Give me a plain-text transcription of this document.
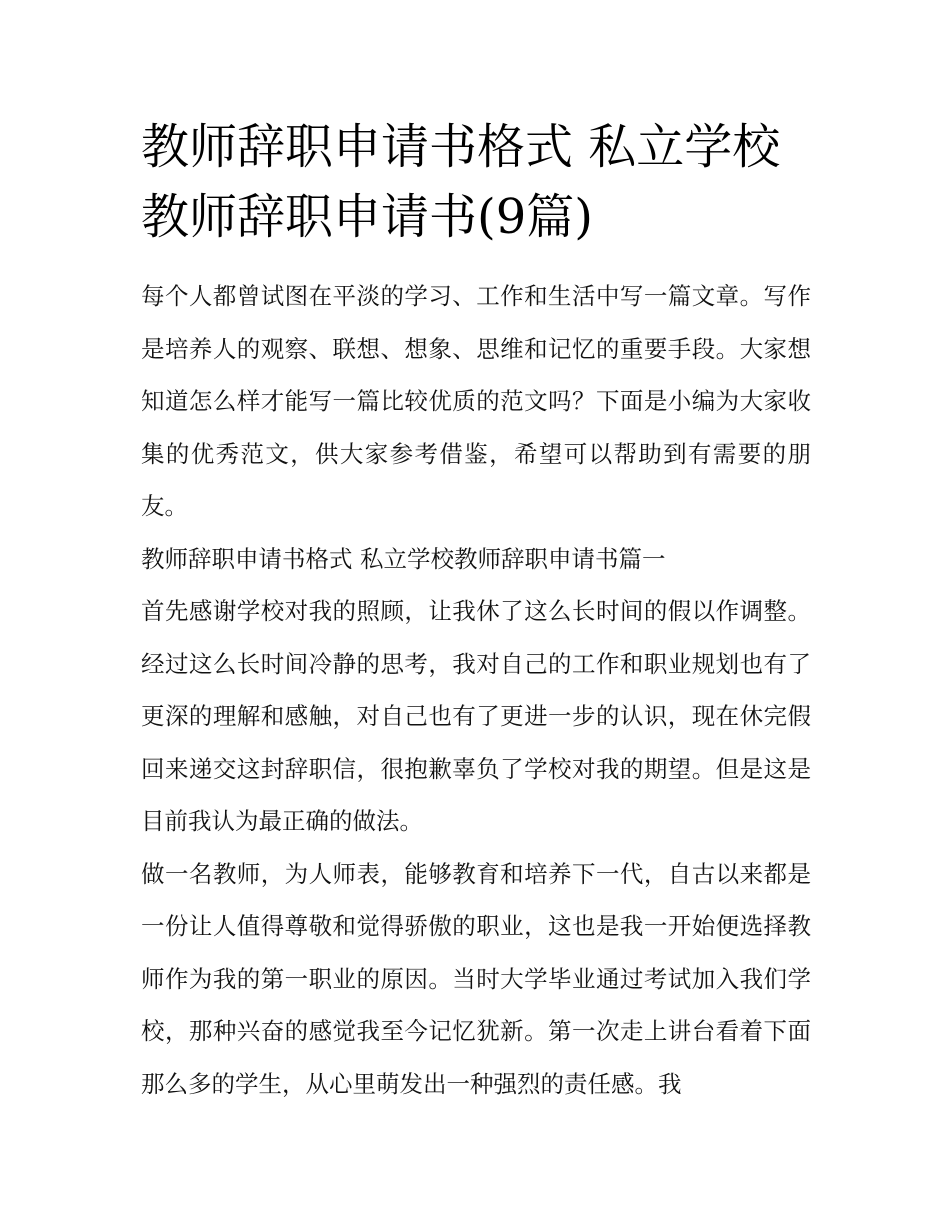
教师辞职申请书格式 私立学校教师辞职申请书(9篇)

每个人都曾试图在平淡的学习、工作和生活中写一篇文章。写作是培养人的观察、联想、想象、思维和记忆的重要手段。大家想知道怎么样才能写一篇比较优质的范文吗？下面是小编为大家收集的优秀范文，供大家参考借鉴，希望可以帮助到有需要的朋友。

教师辞职申请书格式 私立学校教师辞职申请书篇一

首先感谢学校对我的照顾，让我休了这么长时间的假以作调整。经过这么长时间冷静的思考，我对自己的工作和职业规划也有了更深的理解和感触，对自己也有了更进一步的认识，现在休完假回来递交这封辞职信，很抱歉辜负了学校对我的期望。但是这是目前我认为最正确的做法。

做一名教师，为人师表，能够教育和培养下一代，自古以来都是一份让人值得尊敬和觉得骄傲的职业，这也是我一开始便选择教师作为我的第一职业的原因。当时大学毕业通过考试加入我们学校，那种兴奋的感觉我至今记忆犹新。第一次走上讲台看着下面那么多的学生，从心里萌发出一种强烈的责任感。我
